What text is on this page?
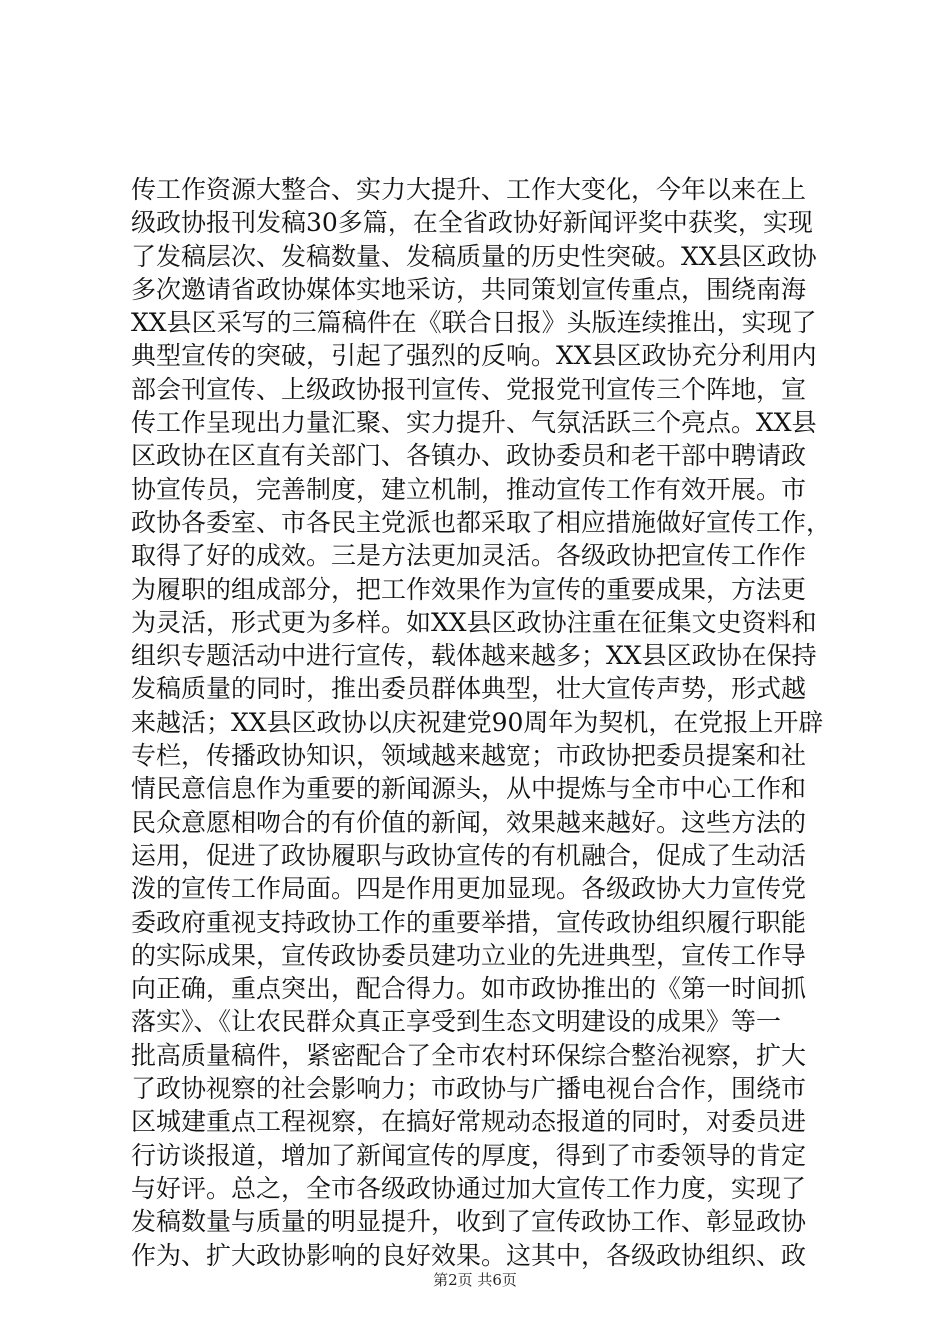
传工作资源大整合、实力大提升、工作大变化，今年以来在上
级政协报刊发稿30多篇，在全省政协好新闻评奖中获奖，实现
了发稿层次、发稿数量、发稿质量的历史性突破。XX县区政协
多次邀请省政协媒体实地采访，共同策划宣传重点，围绕南海
XX县区采写的三篇稿件在《联合日报》头版连续推出，实现了
典型宣传的突破，引起了强烈的反响。XX县区政协充分利用内
部会刊宣传、上级政协报刊宣传、党报党刊宣传三个阵地，宣
传工作呈现出力量汇聚、实力提升、气氛活跃三个亮点。XX县
区政协在区直有关部门、各镇办、政协委员和老干部中聘请政
协宣传员，完善制度，建立机制，推动宣传工作有效开展。市
政协各委室、市各民主党派也都采取了相应措施做好宣传工作，
取得了好的成效。三是方法更加灵活。各级政协把宣传工作作
为履职的组成部分，把工作效果作为宣传的重要成果，方法更
为灵活，形式更为多样。如XX县区政协注重在征集文史资料和
组织专题活动中进行宣传，载体越来越多；XX县区政协在保持
发稿质量的同时，推出委员群体典型，壮大宣传声势，形式越
来越活；XX县区政协以庆祝建党90周年为契机，在党报上开辟
专栏，传播政协知识，领域越来越宽；市政协把委员提案和社
情民意信息作为重要的新闻源头，从中提炼与全市中心工作和
民众意愿相吻合的有价值的新闻，效果越来越好。这些方法的
运用，促进了政协履职与政协宣传的有机融合，促成了生动活
泼的宣传工作局面。四是作用更加显现。各级政协大力宣传党
委政府重视支持政协工作的重要举措，宣传政协组织履行职能
的实际成果，宣传政协委员建功立业的先进典型，宣传工作导
向正确，重点突出，配合得力。如市政协推出的《第一时间抓
落实》、《让农民群众真正享受到生态文明建设的成果》等一
批高质量稿件，紧密配合了全市农村环保综合整治视察，扩大
了政协视察的社会影响力；市政协与广播电视台合作，围绕市
区城建重点工程视察，在搞好常规动态报道的同时，对委员进
行访谈报道，增加了新闻宣传的厚度，得到了市委领导的肯定
与好评。总之，全市各级政协通过加大宣传工作力度，实现了
发稿数量与质量的明显提升，收到了宣传政协工作、彰显政协
作为、扩大政协影响的良好效果。这其中，各级政协组织、政
第2页 共6页
